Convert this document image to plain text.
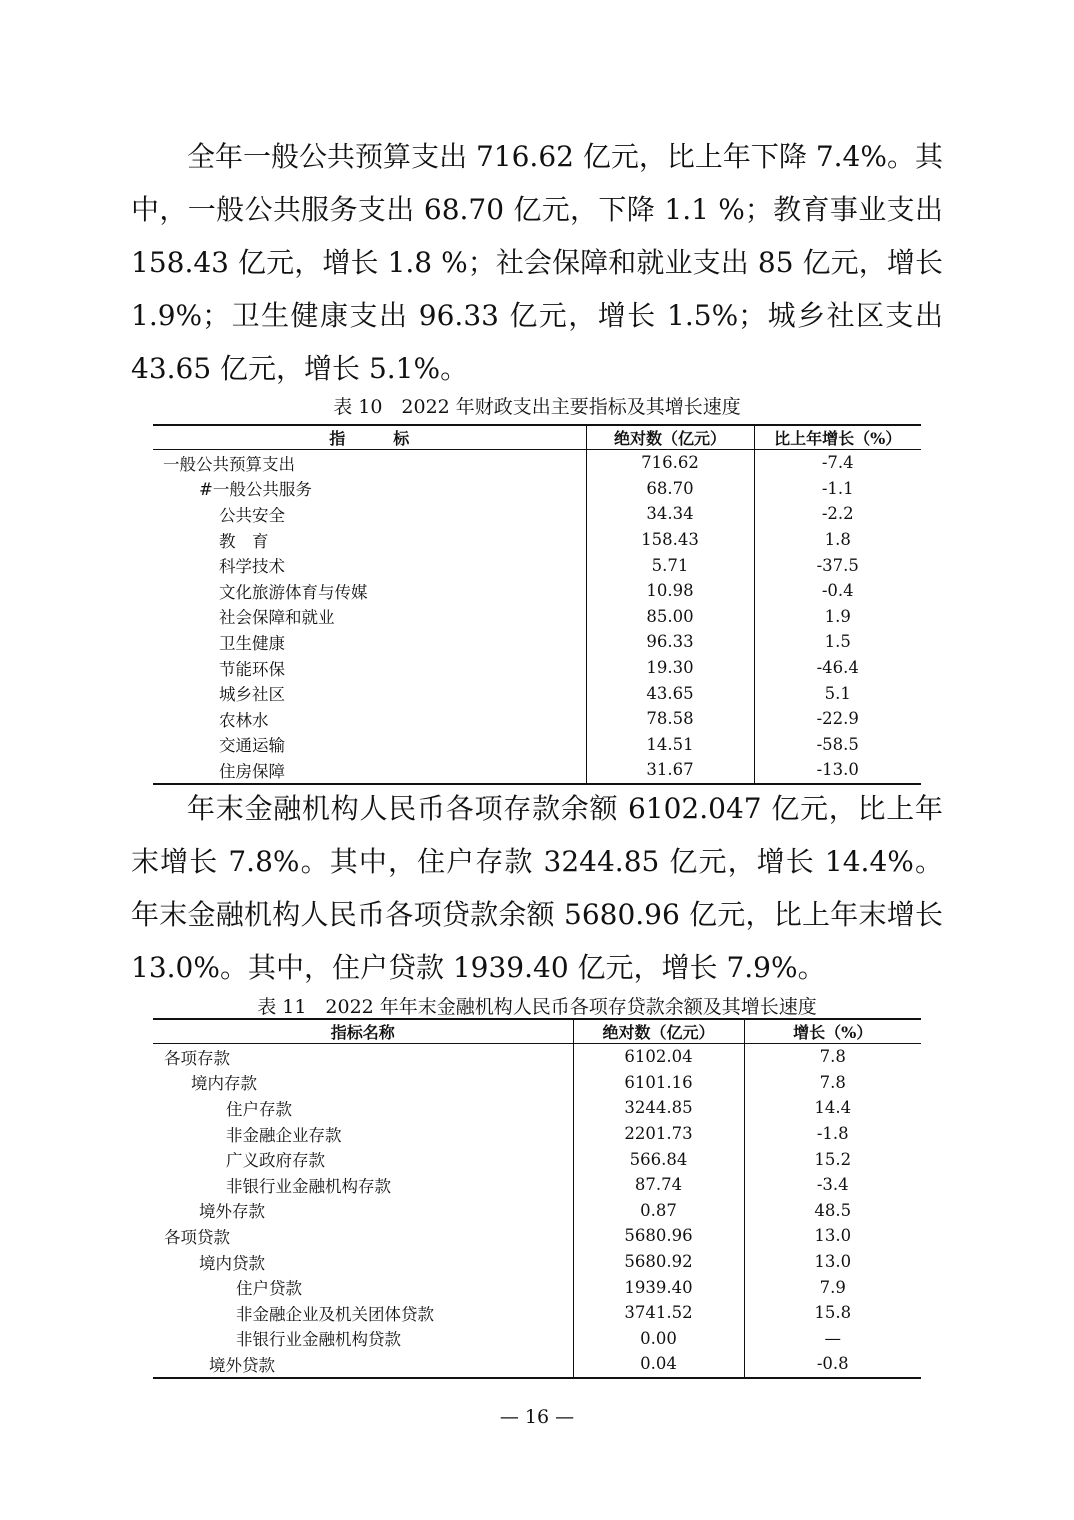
全年一般公共预算支出 716.62 亿元，比上年下降 7.4%。其中，一般公共服务支出 68.70 亿元，下降 1.1 %；教育事业支出 158.43 亿元，增长 1.8 %；社会保障和就业支出 85 亿元，增长 1.9%；卫生健康支出 96.33 亿元，增长 1.5%；城乡社区支出 43.65 亿元，增长 5.1%。

表 10　2022 年财政支出主要指标及其增长速度

指　　　标	绝对数（亿元）	比上年增长（%）
一般公共预算支出	716.62	-7.4
#一般公共服务	68.70	-1.1
公共安全	34.34	-2.2
教　育	158.43	1.8
科学技术	5.71	-37.5
文化旅游体育与传媒	10.98	-0.4
社会保障和就业	85.00	1.9
卫生健康	96.33	1.5
节能环保	19.30	-46.4
城乡社区	43.65	5.1
农林水	78.58	-22.9
交通运输	14.51	-58.5
住房保障	31.67	-13.0

年末金融机构人民币各项存款余额 6102.047 亿元，比上年末增长 7.8%。其中，住户存款 3244.85 亿元，增长 14.4%。年末金融机构人民币各项贷款余额 5680.96 亿元，比上年末增长 13.0%。其中，住户贷款 1939.40 亿元，增长 7.9%。

表 11　2022 年年末金融机构人民币各项存贷款余额及其增长速度

指标名称	绝对数（亿元）	增长（%）
各项存款	6102.04	7.8
境内存款	6101.16	7.8
住户存款	3244.85	14.4
非金融企业存款	2201.73	-1.8
广义政府存款	566.84	15.2
非银行业金融机构存款	87.74	-3.4
境外存款	0.87	48.5
各项贷款	5680.96	13.0
境内贷款	5680.92	13.0
住户贷款	1939.40	7.9
非金融企业及机关团体贷款	3741.52	15.8
非银行业金融机构贷款	0.00	—
境外贷款	0.04	-0.8
— 16 —
